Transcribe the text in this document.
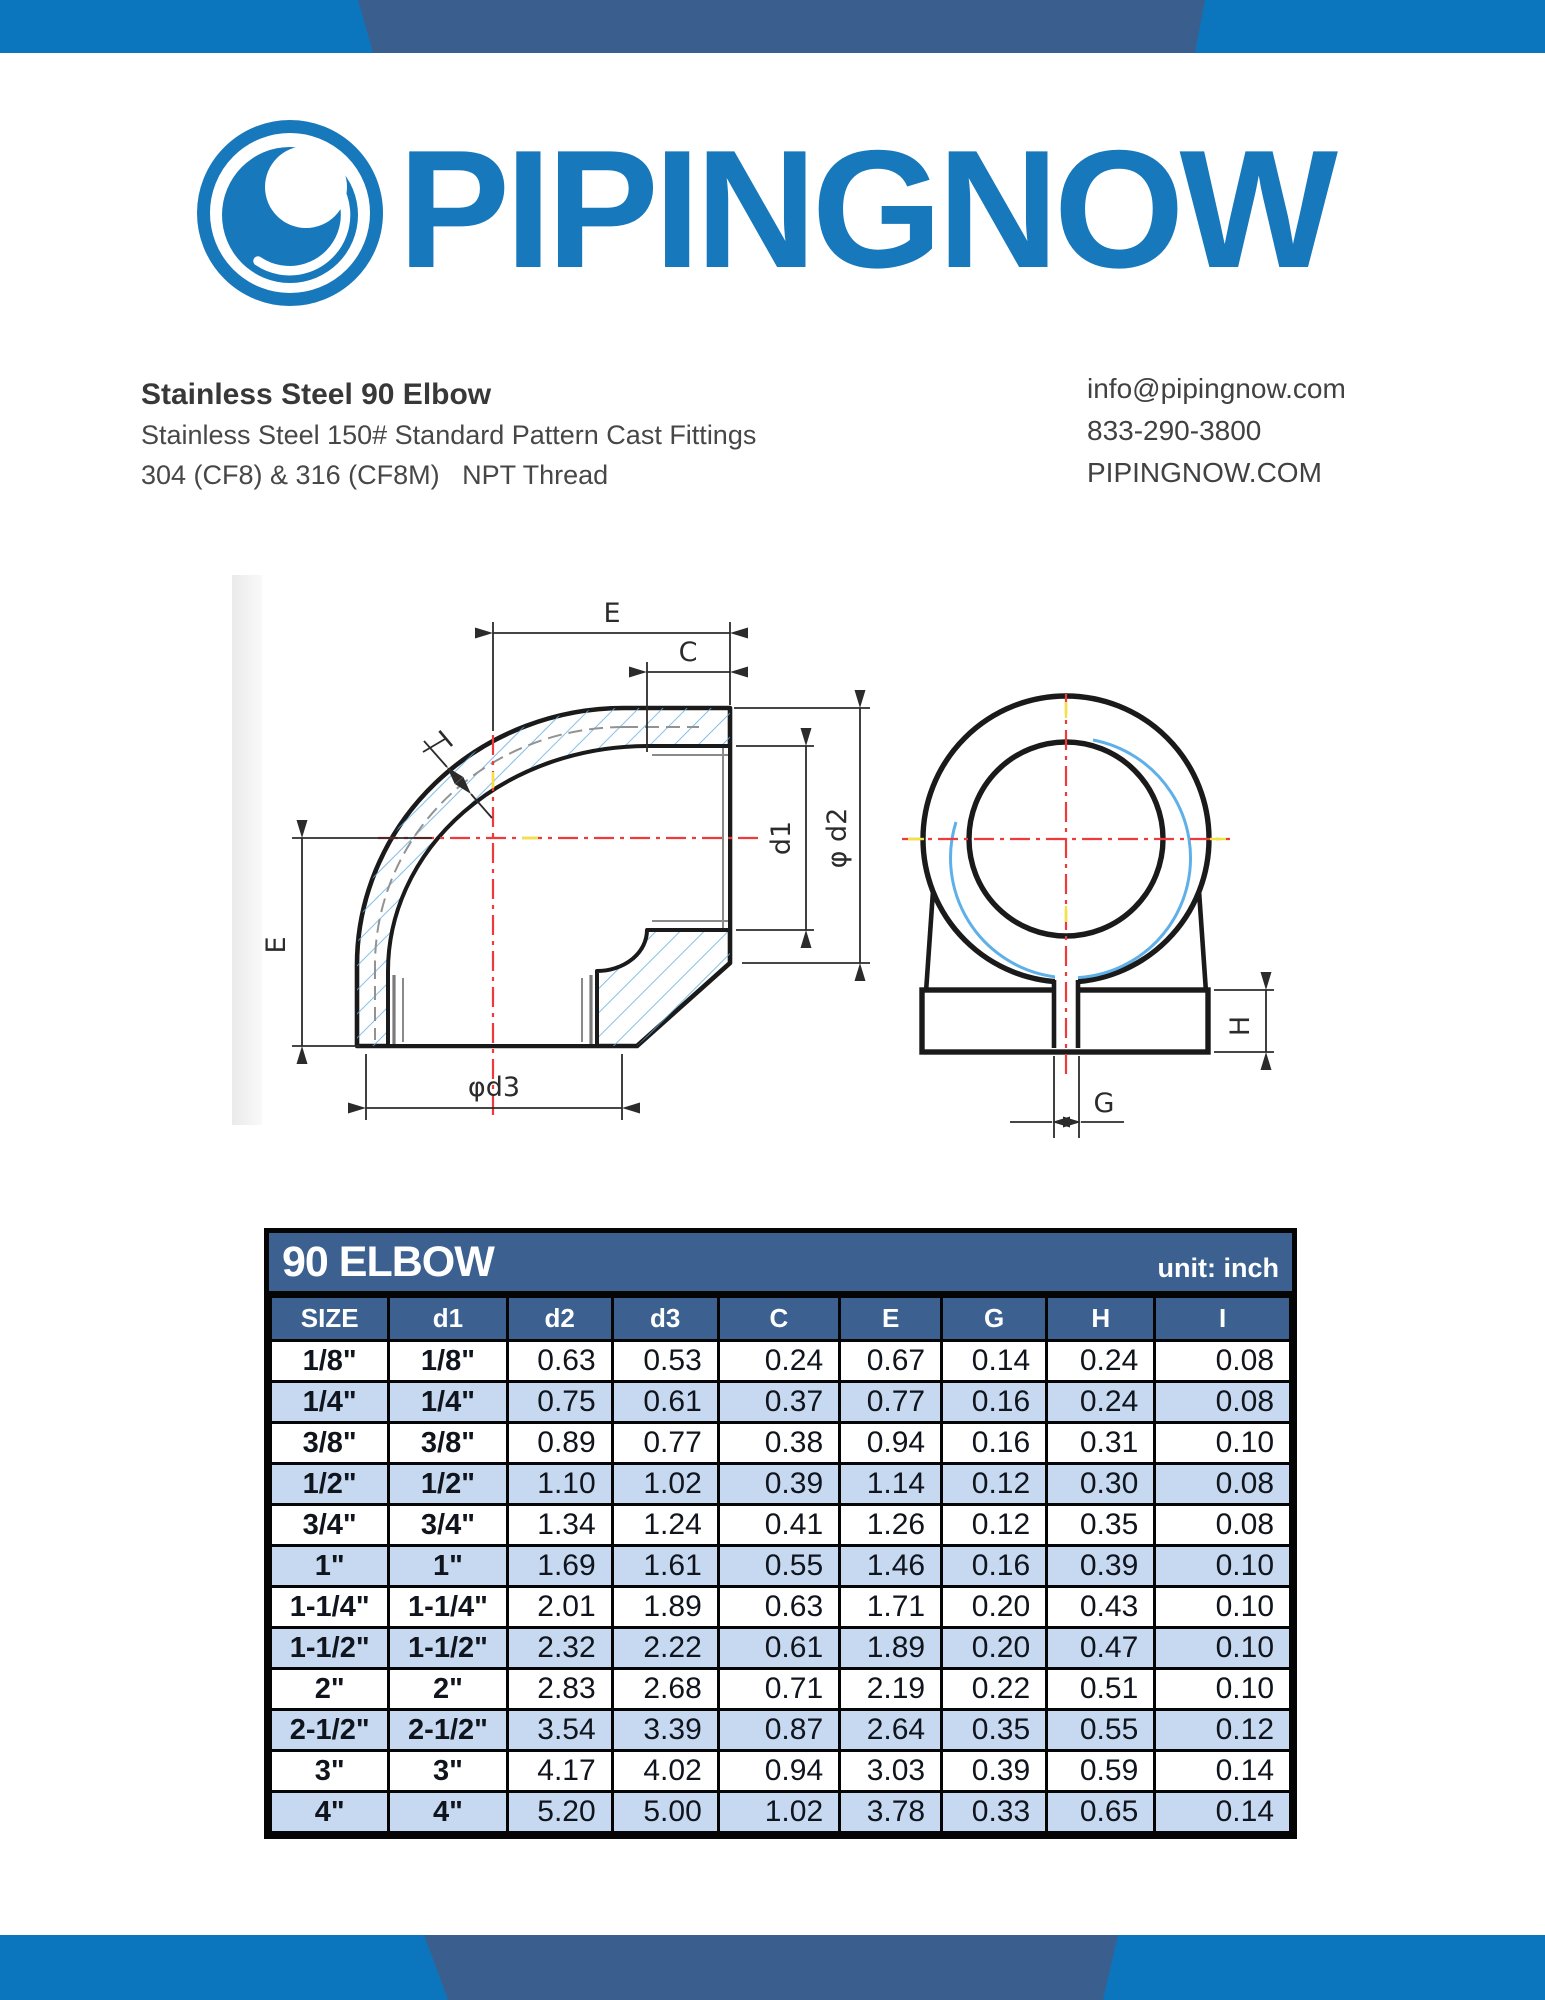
PIPINGNOW
Stainless Steel 90 Elbow
Stainless Steel 150# Standard Pattern Cast Fittings
304 (CF8) & 316 (CF8M)   NPT Thread
info@pipingnow.com
833-290-3800
PIPINGNOW.COM
E
C
E
φd3
d1 φ d2
I
H
G
90 ELBOW	unit: inch
SIZE	d1	d2	d3	C	E	G	H	I
1/8"	1/8"	0.63	0.53	0.24	0.67	0.14	0.24	0.08
1/4"	1/4"	0.75	0.61	0.37	0.77	0.16	0.24	0.08
3/8"	3/8"	0.89	0.77	0.38	0.94	0.16	0.31	0.10
1/2"	1/2"	1.10	1.02	0.39	1.14	0.12	0.30	0.08
3/4"	3/4"	1.34	1.24	0.41	1.26	0.12	0.35	0.08
1"	1"	1.69	1.61	0.55	1.46	0.16	0.39	0.10
1-1/4"	1-1/4"	2.01	1.89	0.63	1.71	0.20	0.43	0.10
1-1/2"	1-1/2"	2.32	2.22	0.61	1.89	0.20	0.47	0.10
2"	2"	2.83	2.68	0.71	2.19	0.22	0.51	0.10
2-1/2"	2-1/2"	3.54	3.39	0.87	2.64	0.35	0.55	0.12
3"	3"	4.17	4.02	0.94	3.03	0.39	0.59	0.14
4"	4"	5.20	5.00	1.02	3.78	0.33	0.65	0.14
